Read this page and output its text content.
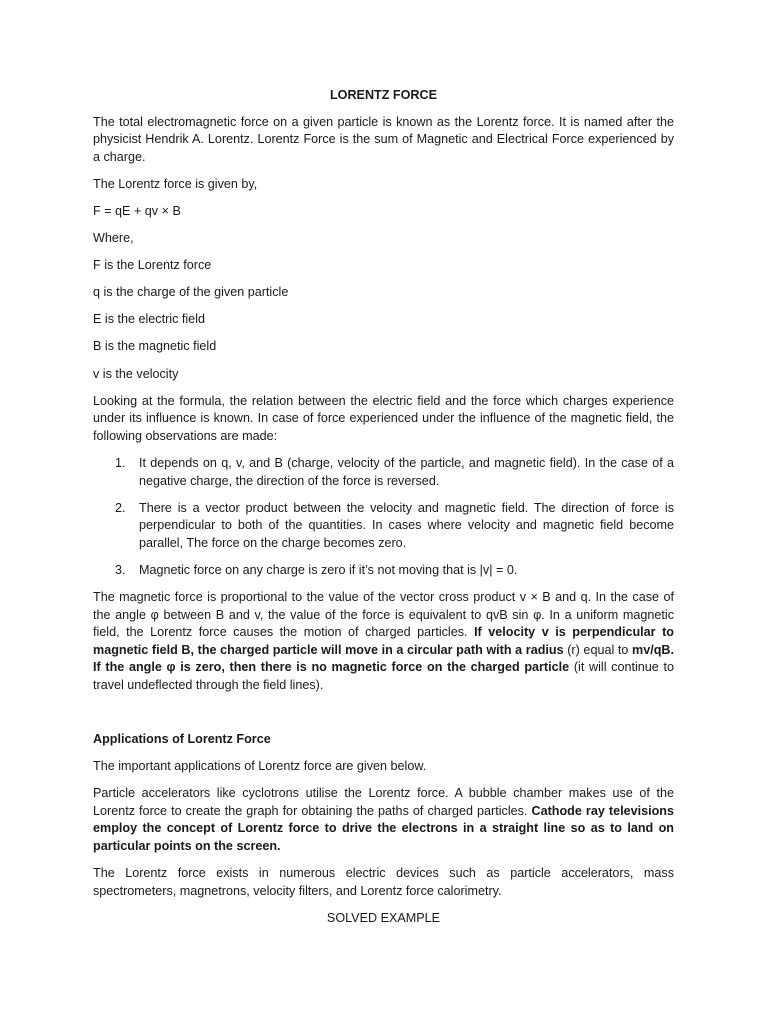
LORENTZ FORCE

The total electromagnetic force on a given particle is known as the Lorentz force. It is named after the physicist Hendrik A. Lorentz. Lorentz Force is the sum of Magnetic and Electrical Force experienced by a charge.

The Lorentz force is given by,

F = qE + qv × B

Where,

F is the Lorentz force

q is the charge of the given particle

E is the electric field

B is the magnetic field

v is the velocity

Looking at the formula, the relation between the electric field and the force which charges experience under its influence is known. In case of force experienced under the influence of the magnetic field, the following observations are made:

1. It depends on q, v, and B (charge, velocity of the particle, and magnetic field). In the case of a negative charge, the direction of the force is reversed.
2. There is a vector product between the velocity and magnetic field. The direction of force is perpendicular to both of the quantities. In cases where velocity and magnetic field become parallel, The force on the charge becomes zero.
3. Magnetic force on any charge is zero if it’s not moving that is |v| = 0.

The magnetic force is proportional to the value of the vector cross product v × B and q. In the case of the angle φ between B and v, the value of the force is equivalent to qvB sin φ. In a uniform magnetic field, the Lorentz force causes the motion of charged particles. If velocity v is perpendicular to magnetic field B, the charged particle will move in a circular path with a radius (r) equal to mv/qB. If the angle φ is zero, then there is no magnetic force on the charged particle (it will continue to travel undeflected through the field lines).

Applications of Lorentz Force

The important applications of Lorentz force are given below.

Particle accelerators like cyclotrons utilise the Lorentz force. A bubble chamber makes use of the Lorentz force to create the graph for obtaining the paths of charged particles. Cathode ray televisions employ the concept of Lorentz force to drive the electrons in a straight line so as to land on particular points on the screen.

The Lorentz force exists in numerous electric devices such as particle accelerators, mass spectrometers, magnetrons, velocity filters, and Lorentz force calorimetry.

SOLVED EXAMPLE
